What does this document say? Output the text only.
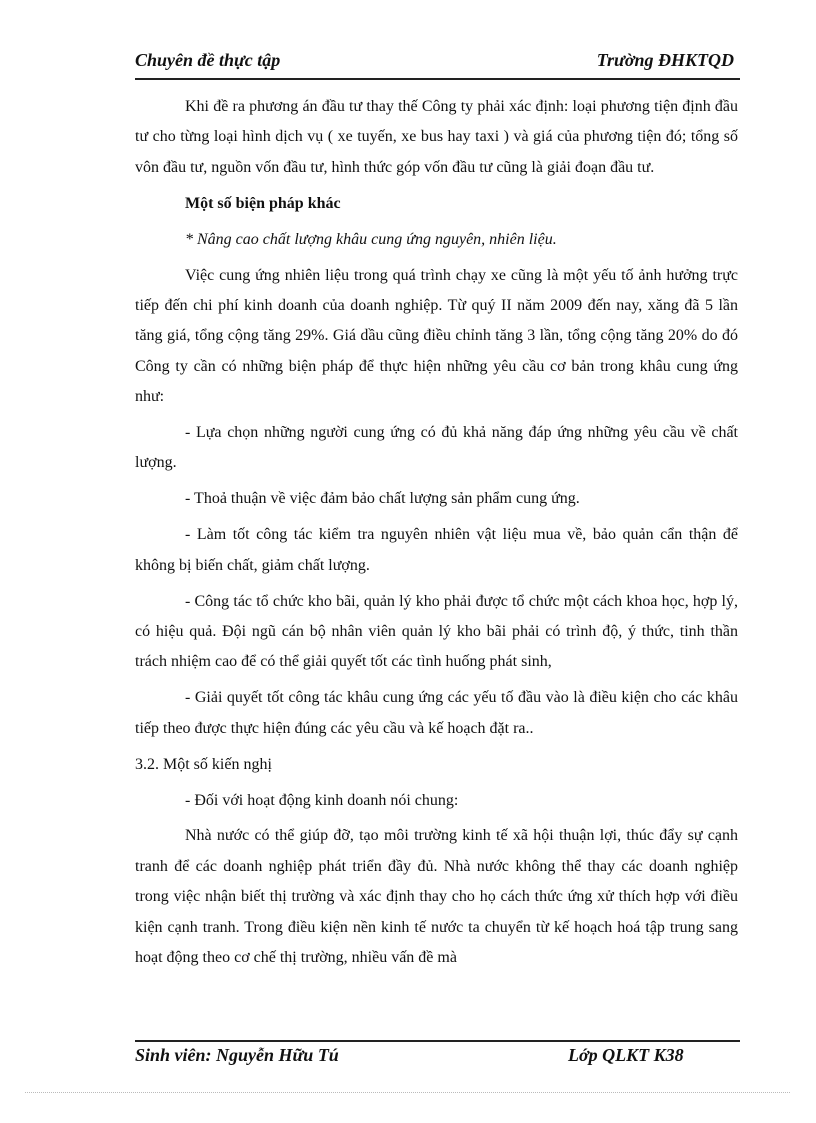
Chuyên đề thực tập	Trường ĐHKTQD

Khi đề ra phương án đầu tư thay thế Công ty phải xác định: loại phương tiện định đầu tư cho từng loại hình dịch vụ ( xe tuyến, xe bus hay taxi ) và giá của phương tiện đó; tổng số vôn đầu tư, nguồn vốn đầu tư, hình thức góp vốn đầu tư cũng là giải đoạn đầu tư.

Một số biện pháp khác

* Nâng cao chất lượng khâu cung ứng nguyên, nhiên liệu.

Việc cung ứng nhiên liệu trong quá trình chạy xe cũng là một yếu tố ảnh hưởng trực tiếp đến chi phí kinh doanh của doanh nghiệp. Từ quý II năm 2009 đến nay, xăng đã 5 lần tăng giá, tổng cộng tăng 29%. Giá dầu cũng điều chỉnh tăng 3 lần, tổng cộng tăng 20% do đó Công ty cần có những biện pháp để thực hiện những yêu cầu cơ bản trong khâu cung ứng như:

- Lựa chọn những người cung ứng có đủ khả năng đáp ứng những yêu cầu về chất lượng.

- Thoả thuận về việc đảm bảo chất lượng sản phẩm cung ứng.

- Làm tốt công tác kiểm tra nguyên nhiên vật liệu mua về, bảo quản cẩn thận để không bị biến chất, giảm chất lượng.

- Công tác tổ chức kho bãi, quản lý kho phải được tổ chức một cách khoa học, hợp lý, có hiệu quả. Đội ngũ cán bộ nhân viên quản lý kho bãi phải có trình độ, ý thức, tinh thần trách nhiệm cao để có thể giải quyết tốt các tình huống phát sinh,

- Giải quyết tốt công tác khâu cung ứng các yếu tố đầu vào là điều kiện cho các khâu tiếp theo được thực hiện đúng các yêu cầu và kế hoạch đặt ra..

3.2. Một số kiến nghị

- Đối với hoạt động kinh doanh nói chung:

Nhà nước có thể giúp đỡ, tạo môi trường kinh tế xã hội thuận lợi, thúc đẩy sự cạnh tranh để các doanh nghiệp phát triển đầy đủ. Nhà nước không thể thay các doanh nghiệp trong việc nhận biết thị trường và xác định thay cho họ cách thức ứng xử thích hợp với điều kiện cạnh tranh. Trong điều kiện nền kinh tế nước ta chuyển từ kế hoạch hoá tập trung sang hoạt động theo cơ chế thị trường, nhiều vấn đề mà

Sinh viên: Nguyễn Hữu Tú	Lớp QLKT K38
